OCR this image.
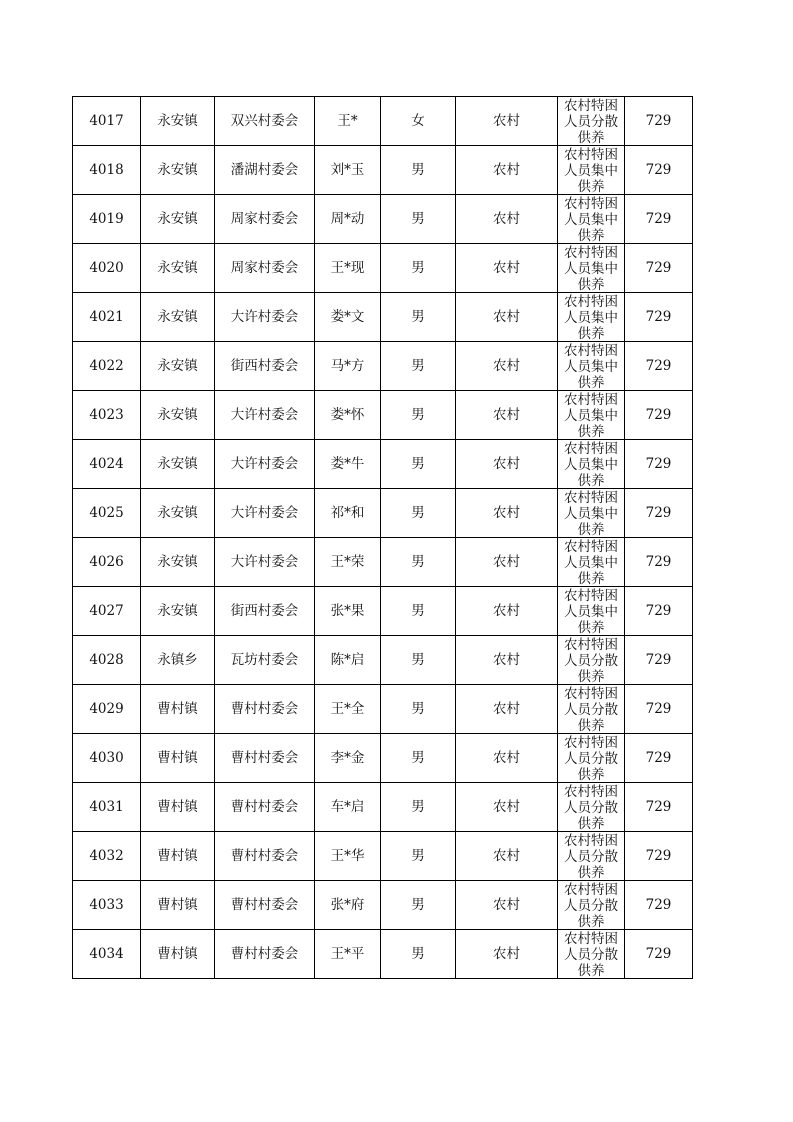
4017	永安镇	双兴村委会	王*	女	农村	农村特困人员分散供养	729
4018	永安镇	潘湖村委会	刘*玉	男	农村	农村特困人员集中供养	729
4019	永安镇	周家村委会	周*动	男	农村	农村特困人员集中供养	729
4020	永安镇	周家村委会	王*现	男	农村	农村特困人员集中供养	729
4021	永安镇	大许村委会	娄*文	男	农村	农村特困人员集中供养	729
4022	永安镇	街西村委会	马*方	男	农村	农村特困人员集中供养	729
4023	永安镇	大许村委会	娄*怀	男	农村	农村特困人员集中供养	729
4024	永安镇	大许村委会	娄*牛	男	农村	农村特困人员集中供养	729
4025	永安镇	大许村委会	祁*和	男	农村	农村特困人员集中供养	729
4026	永安镇	大许村委会	王*荣	男	农村	农村特困人员集中供养	729
4027	永安镇	街西村委会	张*果	男	农村	农村特困人员集中供养	729
4028	永镇乡	瓦坊村委会	陈*启	男	农村	农村特困人员分散供养	729
4029	曹村镇	曹村村委会	王*全	男	农村	农村特困人员分散供养	729
4030	曹村镇	曹村村委会	李*金	男	农村	农村特困人员分散供养	729
4031	曹村镇	曹村村委会	车*启	男	农村	农村特困人员分散供养	729
4032	曹村镇	曹村村委会	王*华	男	农村	农村特困人员分散供养	729
4033	曹村镇	曹村村委会	张*府	男	农村	农村特困人员分散供养	729
4034	曹村镇	曹村村委会	王*平	男	农村	农村特困人员分散供养	729
